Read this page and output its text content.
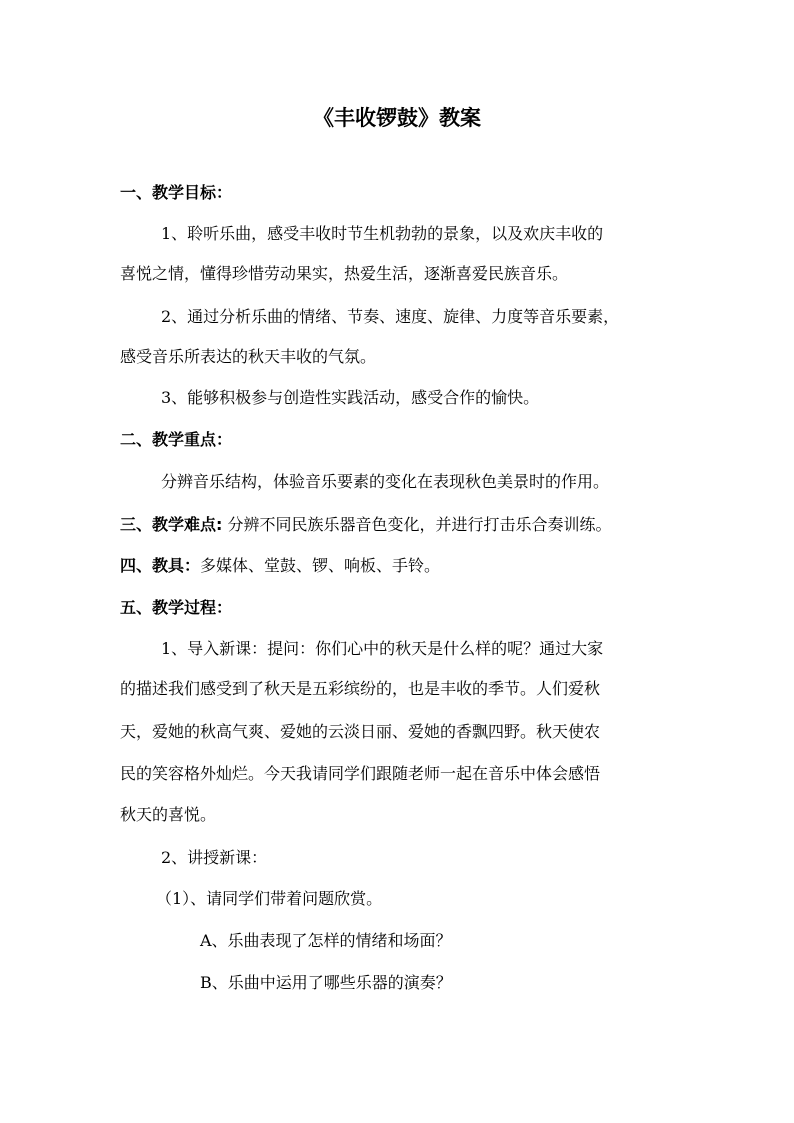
《丰收锣鼓》教案
一、教学目标：
1、聆听乐曲，感受丰收时节生机勃勃的景象，以及欢庆丰收的
喜悦之情，懂得珍惜劳动果实，热爱生活，逐渐喜爱民族音乐。
2、通过分析乐曲的情绪、节奏、速度、旋律、力度等音乐要素，
感受音乐所表达的秋天丰收的气氛。
3、能够积极参与创造性实践活动，感受合作的愉快。
二、教学重点：
分辨音乐结构，体验音乐要素的变化在表现秋色美景时的作用。
三、教学难点: 分辨不同民族乐器音色变化，并进行打击乐合奏训练。
四、教具：多媒体、堂鼓、锣、响板、手铃。
五、教学过程：
1、导入新课：提问：你们心中的秋天是什么样的呢？通过大家
的描述我们感受到了秋天是五彩缤纷的，也是丰收的季节。人们爱秋
天，爱她的秋高气爽、爱她的云淡日丽、爱她的香飘四野。秋天使农
民的笑容格外灿烂。今天我请同学们跟随老师一起在音乐中体会感悟
秋天的喜悦。
2、讲授新课：
（1）、请同学们带着问题欣赏。
A、乐曲表现了怎样的情绪和场面？
B、乐曲中运用了哪些乐器的演奏？
